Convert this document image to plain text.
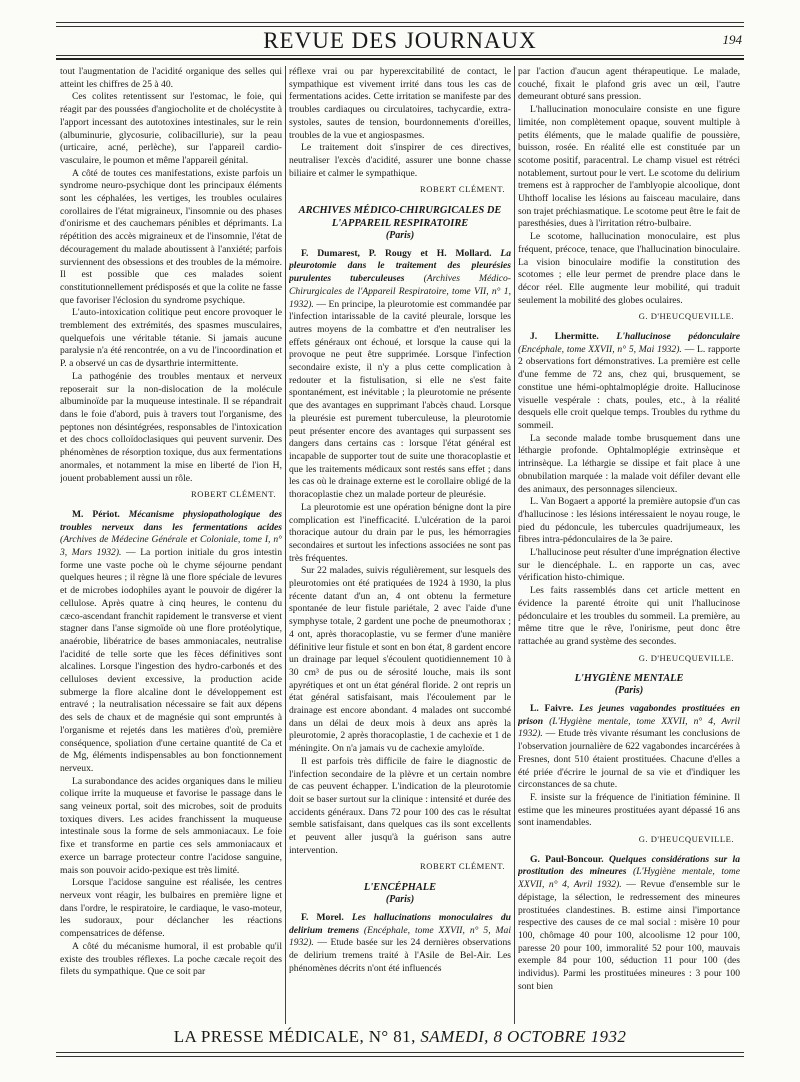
REVUE DES JOURNAUX	194

tout l'augmentation de l'acidité organique des selles qui atteint les chiffres de 25 à 40.

Ces colites retentissent sur l'estomac, le foie, qui réagit par des poussées d'angiocholite et de cholécystite à l'apport incessant des autotoxines intestinales, sur le rein (albuminurie, glycosurie, colibacillurie), sur la peau (urticaire, acné, perlèche), sur l'appareil cardio-vasculaire, le poumon et même l'appareil génital.

A côté de toutes ces manifestations, existe parfois un syndrome neuro-psychique dont les principaux éléments sont les céphalées, les vertiges, les troubles oculaires corollaires de l'état migraineux, l'insomnie ou des phases d'onirisme et des cauchemars pénibles et déprimants. La répétition des accès migraineux et de l'insomnie, l'état de découragement du malade aboutissent à l'anxiété; parfois surviennent des obsessions et des troubles de la mémoire. Il est possible que ces malades soient constitutionnellement prédisposés et que la colite ne fasse que favoriser l'éclosion du syndrome psychique.

L'auto-intoxication colitique peut encore provoquer le tremblement des extrémités, des spasmes musculaires, quelquefois une véritable tétanie. Si jamais aucune paralysie n'a été rencontrée, on a vu de l'incoordination et P. a observé un cas de dysarthrie intermittente.

La pathogénie des troubles mentaux et nerveux reposerait sur la non-dislocation de la molécule albuminoïde par la muqueuse intestinale. Il se répandrait dans le foie d'abord, puis à travers tout l'organisme, des peptones non désintégrées, responsables de l'intoxication et des chocs colloïdoclasiques qui peuvent survenir. Des phénomènes de résorption toxique, dus aux fermentations anormales, et notamment la mise en liberté de l'ion H, jouent probablement aussi un rôle.

ROBERT CLÉMENT.

M. Périot. Mécanisme physiopathologique des troubles nerveux dans les fermentations acides (Archives de Médecine Générale et Coloniale, tome I, n° 3, Mars 1932). — La portion initiale du gros intestin forme une vaste poche où le chyme séjourne pendant quelques heures ; il règne là une flore spéciale de levures et de microbes iodophiles ayant le pouvoir de digérer la cellulose. Après quatre à cinq heures, le contenu du cæco-ascendant franchit rapidement le transverse et vient stagner dans l'anse sigmoïde où une flore protéolytique, anaérobie, libératrice de bases ammoniacales, neutralise l'acidité de telle sorte que les fèces définitives sont alcalines. Lorsque l'ingestion des hydro-carbonés et des celluloses devient excessive, la production acide submerge la flore alcaline dont le développement est entravé ; la neutralisation nécessaire se fait aux dépens des sels de chaux et de magnésie qui sont empruntés à l'organisme et rejetés dans les matières d'où, première conséquence, spoliation d'une certaine quantité de Ca et de Mg, éléments indispensables au bon fonctionnement nerveux.

La surabondance des acides organiques dans le milieu colique irrite la muqueuse et favorise le passage dans le sang veineux portal, soit des microbes, soit de produits toxiques divers. Les acides franchissent la muqueuse intestinale sous la forme de sels ammoniacaux. Le foie fixe et transforme en partie ces sels ammoniacaux et exerce un barrage protecteur contre l'acidose sanguine, mais son pouvoir acido-pexique est très limité.

Lorsque l'acidose sanguine est réalisée, les centres nerveux vont réagir, les bulbaires en première ligne et dans l'ordre, le respiratoire, le cardiaque, le vaso-moteur, les sudoraux, pour déclancher les réactions compensatrices de défense.

A côté du mécanisme humoral, il est probable qu'il existe des troubles réflexes. La poche cæcale reçoit des filets du sympathique. Que ce soit par

réflexe vrai ou par hyperexcitabilité de contact, le sympathique est vivement irrité dans tous les cas de fermentations acides. Cette irritation se manifeste par des troubles cardiaques ou circulatoires, tachycardie, extra-systoles, sautes de tension, bourdonnements d'oreilles, troubles de la vue et angiospasmes.

Le traitement doit s'inspirer de ces directives, neutraliser l'excès d'acidité, assurer une bonne chasse biliaire et calmer le sympathique.

ROBERT CLÉMENT.
ARCHIVES MÉDICO-CHIRURGICALES DE L'APPAREIL RESPIRATOIRE
(Paris)

F. Dumarest, P. Rougy et H. Mollard. La pleurotomie dans le traitement des pleurésies purulentes tuberculeuses (Archives Médico-Chirurgicales de l'Appareil Respiratoire, tome VII, n° 1, 1932). — En principe, la pleurotomie est commandée par l'infection intarissable de la cavité pleurale, lorsque les autres moyens de la combattre et d'en neutraliser les effets généraux ont échoué, et lorsque la cause qui la provoque ne peut être supprimée. Lorsque l'infection secondaire existe, il n'y a plus cette complication à redouter et la fistulisation, si elle ne s'est faite spontanément, est inévitable ; la pleurotomie ne présente que des avantages en supprimant l'abcès chaud. Lorsque la pleurésie est purement tuberculeuse, la pleurotomie peut présenter encore des avantages qui surpassent ses dangers dans certains cas : lorsque l'état général est incapable de supporter tout de suite une thoracoplastie et que les traitements médicaux sont restés sans effet ; dans les cas où le drainage externe est le corollaire obligé de la thoracoplastie chez un malade porteur de pleurésie.

La pleurotomie est une opération bénigne dont la pire complication est l'inefficacité. L'ulcération de la paroi thoracique autour du drain par le pus, les hémorragies secondaires et surtout les infections associées ne sont pas très fréquentes.

Sur 22 malades, suivis régulièrement, sur lesquels des pleurotomies ont été pratiquées de 1924 à 1930, la plus récente datant d'un an, 4 ont obtenu la fermeture spontanée de leur fistule pariétale, 2 avec l'aide d'une symphyse totale, 2 gardent une poche de pneumothorax ; 4 ont, après thoracoplastie, vu se fermer d'une manière définitive leur fistule et sont en bon état, 8 gardent encore un drainage par lequel s'écoulent quotidiennement 10 à 30 cm³ de pus ou de sérosité louche, mais ils sont apyrétiques et ont un état général floride. 2 ont repris un état général satisfaisant, mais l'écoulement par le drainage est encore abondant. 4 malades ont succombé dans un délai de deux mois à deux ans après la pleurotomie, 2 après thoracoplastie, 1 de cachexie et 1 de méningite. On n'a jamais vu de cachexie amyloïde.

Il est parfois très difficile de faire le diagnostic de l'infection secondaire de la plèvre et un certain nombre de cas peuvent échapper. L'indication de la pleurotomie doit se baser surtout sur la clinique : intensité et durée des accidents généraux. Dans 72 pour 100 des cas le résultat semble satisfaisant, dans quelques cas ils sont excellents et peuvent aller jusqu'à la guérison sans autre intervention.

ROBERT CLÉMENT.
L'ENCÉPHALE
(Paris)

F. Morel. Les hallucinations monoculaires du delirium tremens (Encéphale, tome XXVII, n° 5, Mai 1932). — Etude basée sur les 24 dernières observations de delirium tremens traité à l'Asile de Bel-Air. Les phénomènes décrits n'ont été influencés

par l'action d'aucun agent thérapeutique. Le malade, couché, fixait le plafond gris avec un œil, l'autre demeurant obturé sans pression.

L'hallucination monoculaire consiste en une figure limitée, non complètement opaque, souvent multiple à petits éléments, que le malade qualifie de poussière, buisson, rosée. En réalité elle est constituée par un scotome positif, paracentral. Le champ visuel est rétréci notablement, surtout pour le vert. Le scotome du delirium tremens est à rapprocher de l'amblyopie alcoolique, dont Uhthoff localise les lésions au faisceau maculaire, dans son trajet préchiasmatique. Le scotome peut être le fait de paresthésies, dues à l'irritation rétro-bulbaire.

Le scotome, hallucination monoculaire, est plus fréquent, précoce, tenace, que l'hallucination binoculaire. La vision binoculaire modifie la constitution des scotomes ; elle leur permet de prendre place dans le décor réel. Elle augmente leur mobilité, qui traduit seulement la mobilité des globes oculaires.

G. D'HEUCQUEVILLE.

J. Lhermitte. L'hallucinose pédonculaire (Encéphale, tome XXVII, n° 5, Mai 1932). — L. rapporte 2 observations fort démonstratives. La première est celle d'une femme de 72 ans, chez qui, brusquement, se constitue une hémi-ophtalmoplégie droite. Hallucinose visuelle vespérale : chats, poules, etc., à la réalité desquels elle croit quelque temps. Troubles du rythme du sommeil.

La seconde malade tombe brusquement dans une léthargie profonde. Ophtalmoplégie extrinsèque et intrinsèque. La léthargie se dissipe et fait place à une obnubilation marquée : la malade voit défiler devant elle des animaux, des personnages silencieux.

L. Van Bogaert a apporté la première autopsie d'un cas d'hallucinose : les lésions intéressaient le noyau rouge, le pied du pédoncule, les tubercules quadrijumeaux, les fibres intra-pédonculaires de la 3e paire.

L'hallucinose peut résulter d'une imprégnation élective sur le diencéphale. L. en rapporte un cas, avec vérification histo-chimique.

Les faits rassemblés dans cet article mettent en évidence la parenté étroite qui unit l'hallucinose pédonculaire et les troubles du sommeil. La première, au même titre que le rêve, l'onirisme, peut donc être rattachée au grand système des secondes.

G. D'HEUCQUEVILLE.
L'HYGIÈNE MENTALE
(Paris)

L. Faivre. Les jeunes vagabondes prostituées en prison (L'Hygiène mentale, tome XXVII, n° 4, Avril 1932). — Etude très vivante résumant les conclusions de l'observation journalière de 622 vagabondes incarcérées à Fresnes, dont 510 étaient prostituées. Chacune d'elles a été priée d'écrire le journal de sa vie et d'indiquer les circonstances de sa chute.

F. insiste sur la fréquence de l'initiation féminine. Il estime que les mineures prostituées ayant dépassé 16 ans sont inamendables.

G. D'HEUCQUEVILLE.

G. Paul-Boncour. Quelques considérations sur la prostitution des mineures (L'Hygiène mentale, tome XXVII, n° 4, Avril 1932). — Revue d'ensemble sur le dépistage, la sélection, le redressement des mineures prostituées clandestines. B. estime ainsi l'importance respective des causes de ce mal social : misère 10 pour 100, chômage 40 pour 100, alcoolisme 12 pour 100, paresse 20 pour 100, immoralité 52 pour 100, mauvais exemple 84 pour 100, séduction 11 pour 100 (des individus). Parmi les prostituées mineures : 3 pour 100 sont bien

LA PRESSE MÉDICALE, N° 81, SAMEDI, 8 OCTOBRE 1932
